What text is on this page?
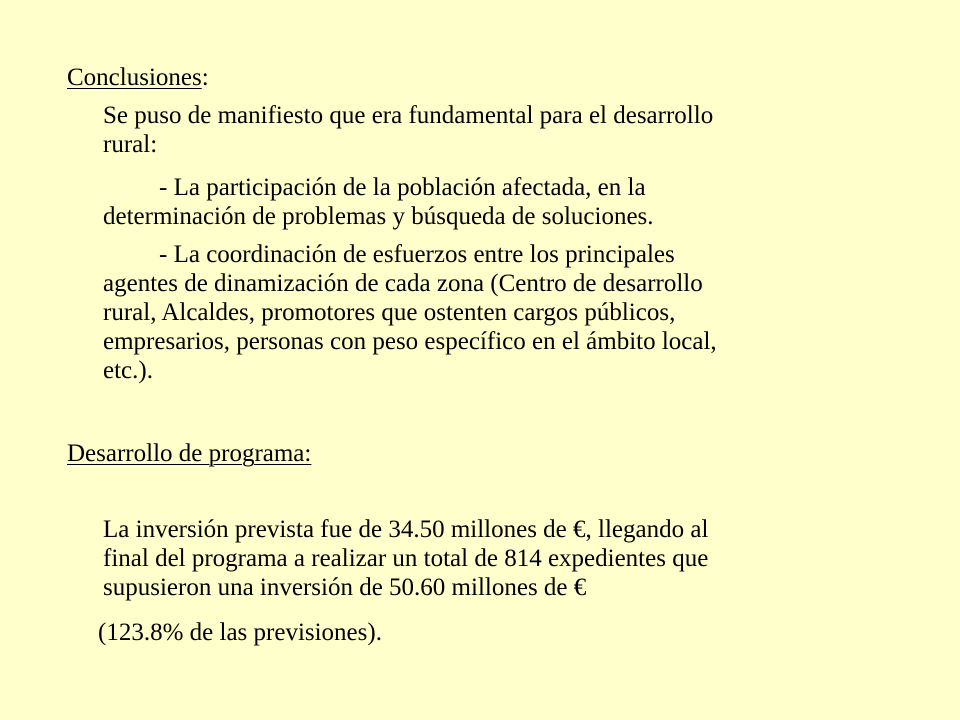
Conclusiones:
Se puso de manifiesto que era fundamental para el desarrollo
rural:
- La participación de la población afectada, en la
determinación de problemas y búsqueda de soluciones.
- La coordinación de esfuerzos entre los principales
agentes de dinamización de cada zona (Centro de desarrollo
rural, Alcaldes, promotores que ostenten cargos públicos,
empresarios, personas con peso específico en el ámbito local,
etc.).
Desarrollo de programa:
La inversión prevista fue de 34.50 millones de €, llegando al
final del programa a realizar un total de 814 expedientes que
supusieron una inversión de 50.60 millones de €
(123.8% de las previsiones).
